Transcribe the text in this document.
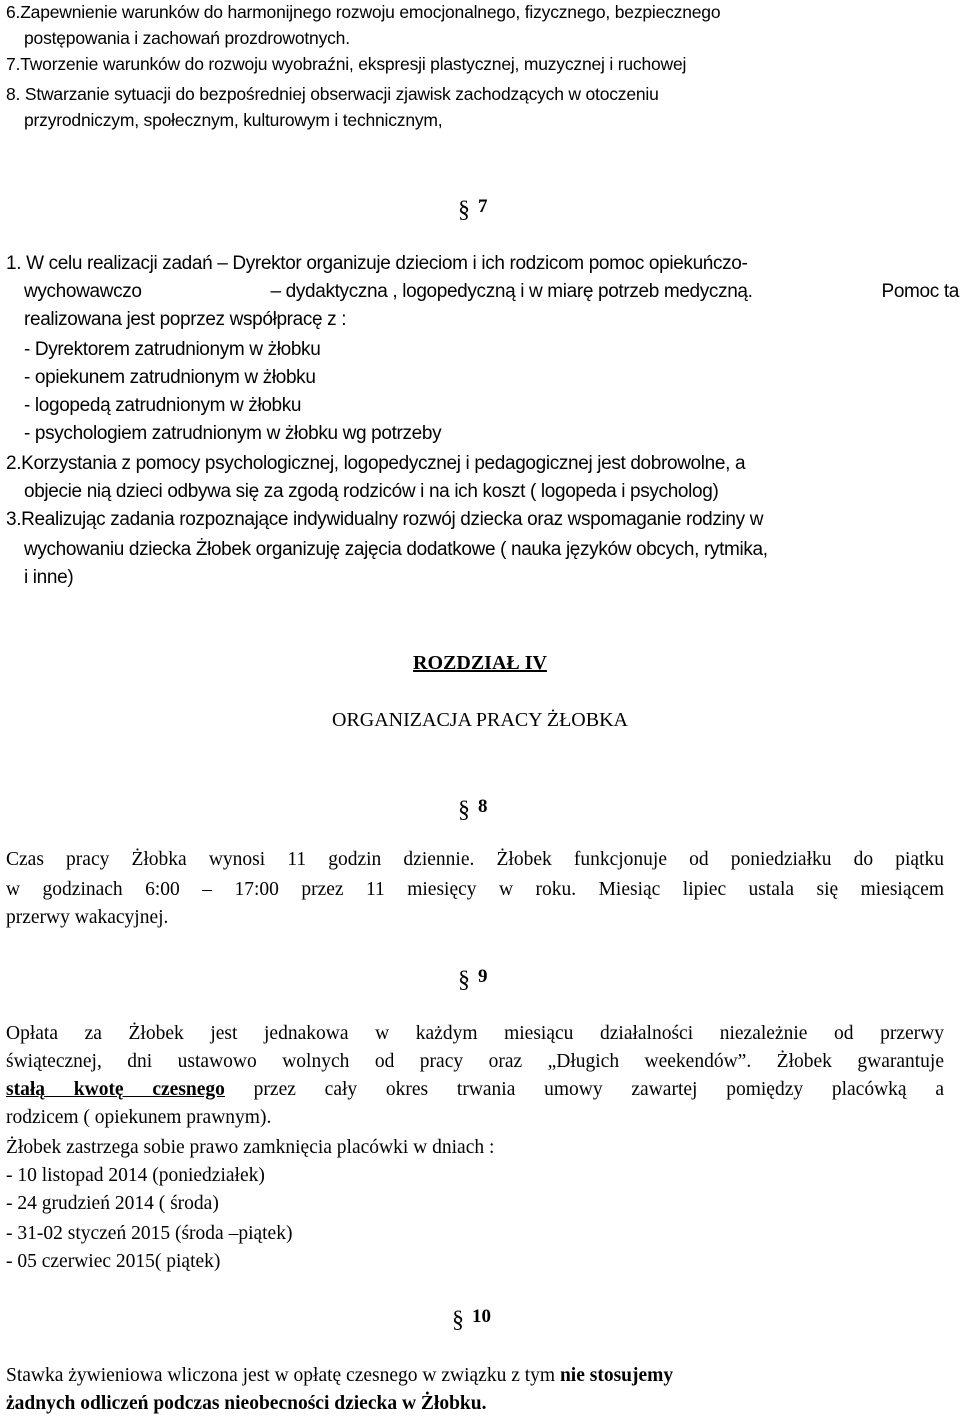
6.Zapewnienie warunków do harmonijnego rozwoju emocjonalnego, fizycznego, bezpiecznego
postępowania i zachowań prozdrowotnych.
7.Tworzenie warunków do rozwoju wyobraźni, ekspresji plastycznej, muzycznej i ruchowej
8. Stwarzanie sytuacji do bezpośredniej obserwacji zjawisk zachodzących w otoczeniu
przyrodniczym, społecznym, kulturowym i technicznym,
§ $^7$
1. W celu realizacji zadań – Dyrektor organizuje dzieciom i ich rodzicom pomoc opiekuńczo-
wychowawczo	– dydaktyczna , logopedyczną i w miarę potrzeb medyczną.	Pomoc ta
realizowana jest poprzez współpracę z :
- Dyrektorem zatrudnionym w żłobku
- opiekunem zatrudnionym w żłobku
- logopedą zatrudnionym w żłobku
- psychologiem zatrudnionym w żłobku wg potrzeby
2.Korzystania z pomocy psychologicznej, logopedycznej i pedagogicznej jest dobrowolne, a
objecie nią dzieci odbywa się za zgodą rodziców i na ich koszt ( logopeda i psycholog)
3.Realizując zadania rozpoznające indywidualny rozwój dziecka oraz wspomaganie rodziny w
wychowaniu dziecka Żłobek organizuję zajęcia dodatkowe ( nauka języków obcych, rytmika,
i inne)
ROZDZIAŁ IV
ORGANIZACJA PRACY ŻŁOBKA
§ $^8$
Czas pracy Żłobka wynosi 11 godzin dziennie. Żłobek funkcjonuje od poniedziałku do piątku
w godzinach 6:00 – 17:00 przez 11 miesięcy w roku. Miesiąc lipiec ustala się miesiącem
przerwy wakacyjnej.
§ $^9$
Opłata za Żłobek jest jednakowa w każdym miesiącu działalności niezależnie od przerwy
świątecznej, dni ustawowo wolnych od pracy oraz „Długich weekendów”. Żłobek gwarantuje
stałą kwotę czesnego przez cały okres trwania umowy zawartej pomiędzy placówką a
rodzicem ( opiekunem prawnym).
Żłobek zastrzega sobie prawo zamknięcia placówki w dniach :
- 10 listopad 2014 (poniedziałek)
- 24 grudzień 2014 ( środa)
- 31-02 styczeń 2015 (środa –piątek)
- 05 czerwiec 2015( piątek)
§ $^{10}$
Stawka żywieniowa wliczona jest w opłatę czesnego w związku z tym nie stosujemy
żadnych odliczeń podczas nieobecności dziecka w Żłobku.
